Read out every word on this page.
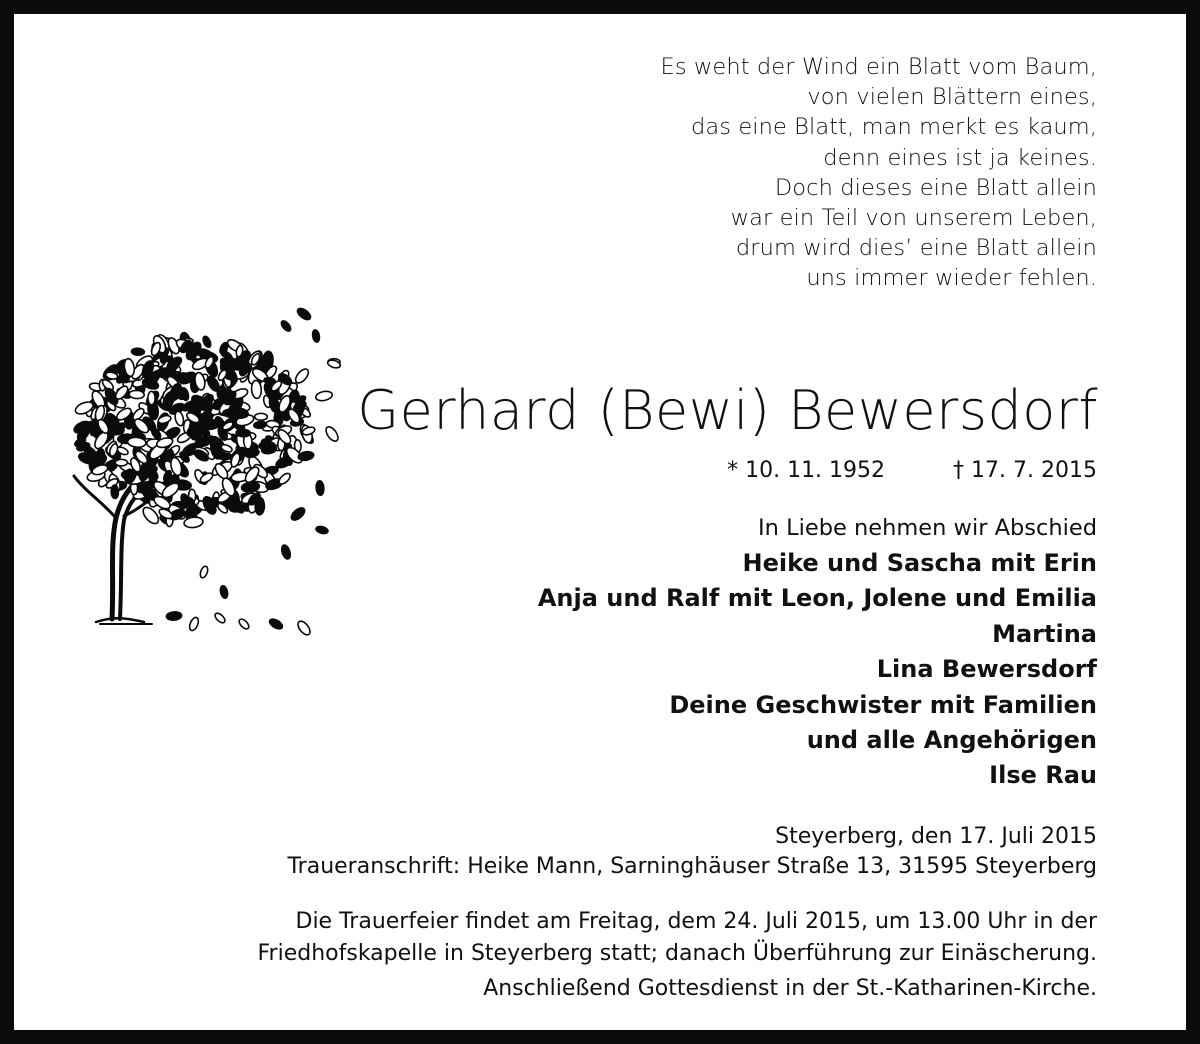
Es weht der Wind ein Blatt vom Baum,
von vielen Blättern eines,
das eine Blatt, man merkt es kaum,
denn eines ist ja keines.
Doch dieses eine Blatt allein
war ein Teil von unserem Leben,
drum wird dies’ eine Blatt allein
uns immer wieder fehlen.
Gerhard (Bewi) Bewersdorf
* 10. 11. 1952	† 17. 7. 2015
In Liebe nehmen wir Abschied
Heike und Sascha mit Erin
Anja und Ralf mit Leon, Jolene und Emilia
Martina
Lina Bewersdorf
Deine Geschwister mit Familien
und alle Angehörigen
Ilse Rau
Steyerberg, den 17. Juli 2015
Traueranschrift: Heike Mann, Sarninghäuser Straße 13, 31595 Steyerberg
Die Trauerfeier findet am Freitag, dem 24. Juli 2015, um 13.00 Uhr in der
Friedhofskapelle in Steyerberg statt; danach Überführung zur Einäscherung.
Anschließend Gottesdienst in der St.-Katharinen-Kirche.
